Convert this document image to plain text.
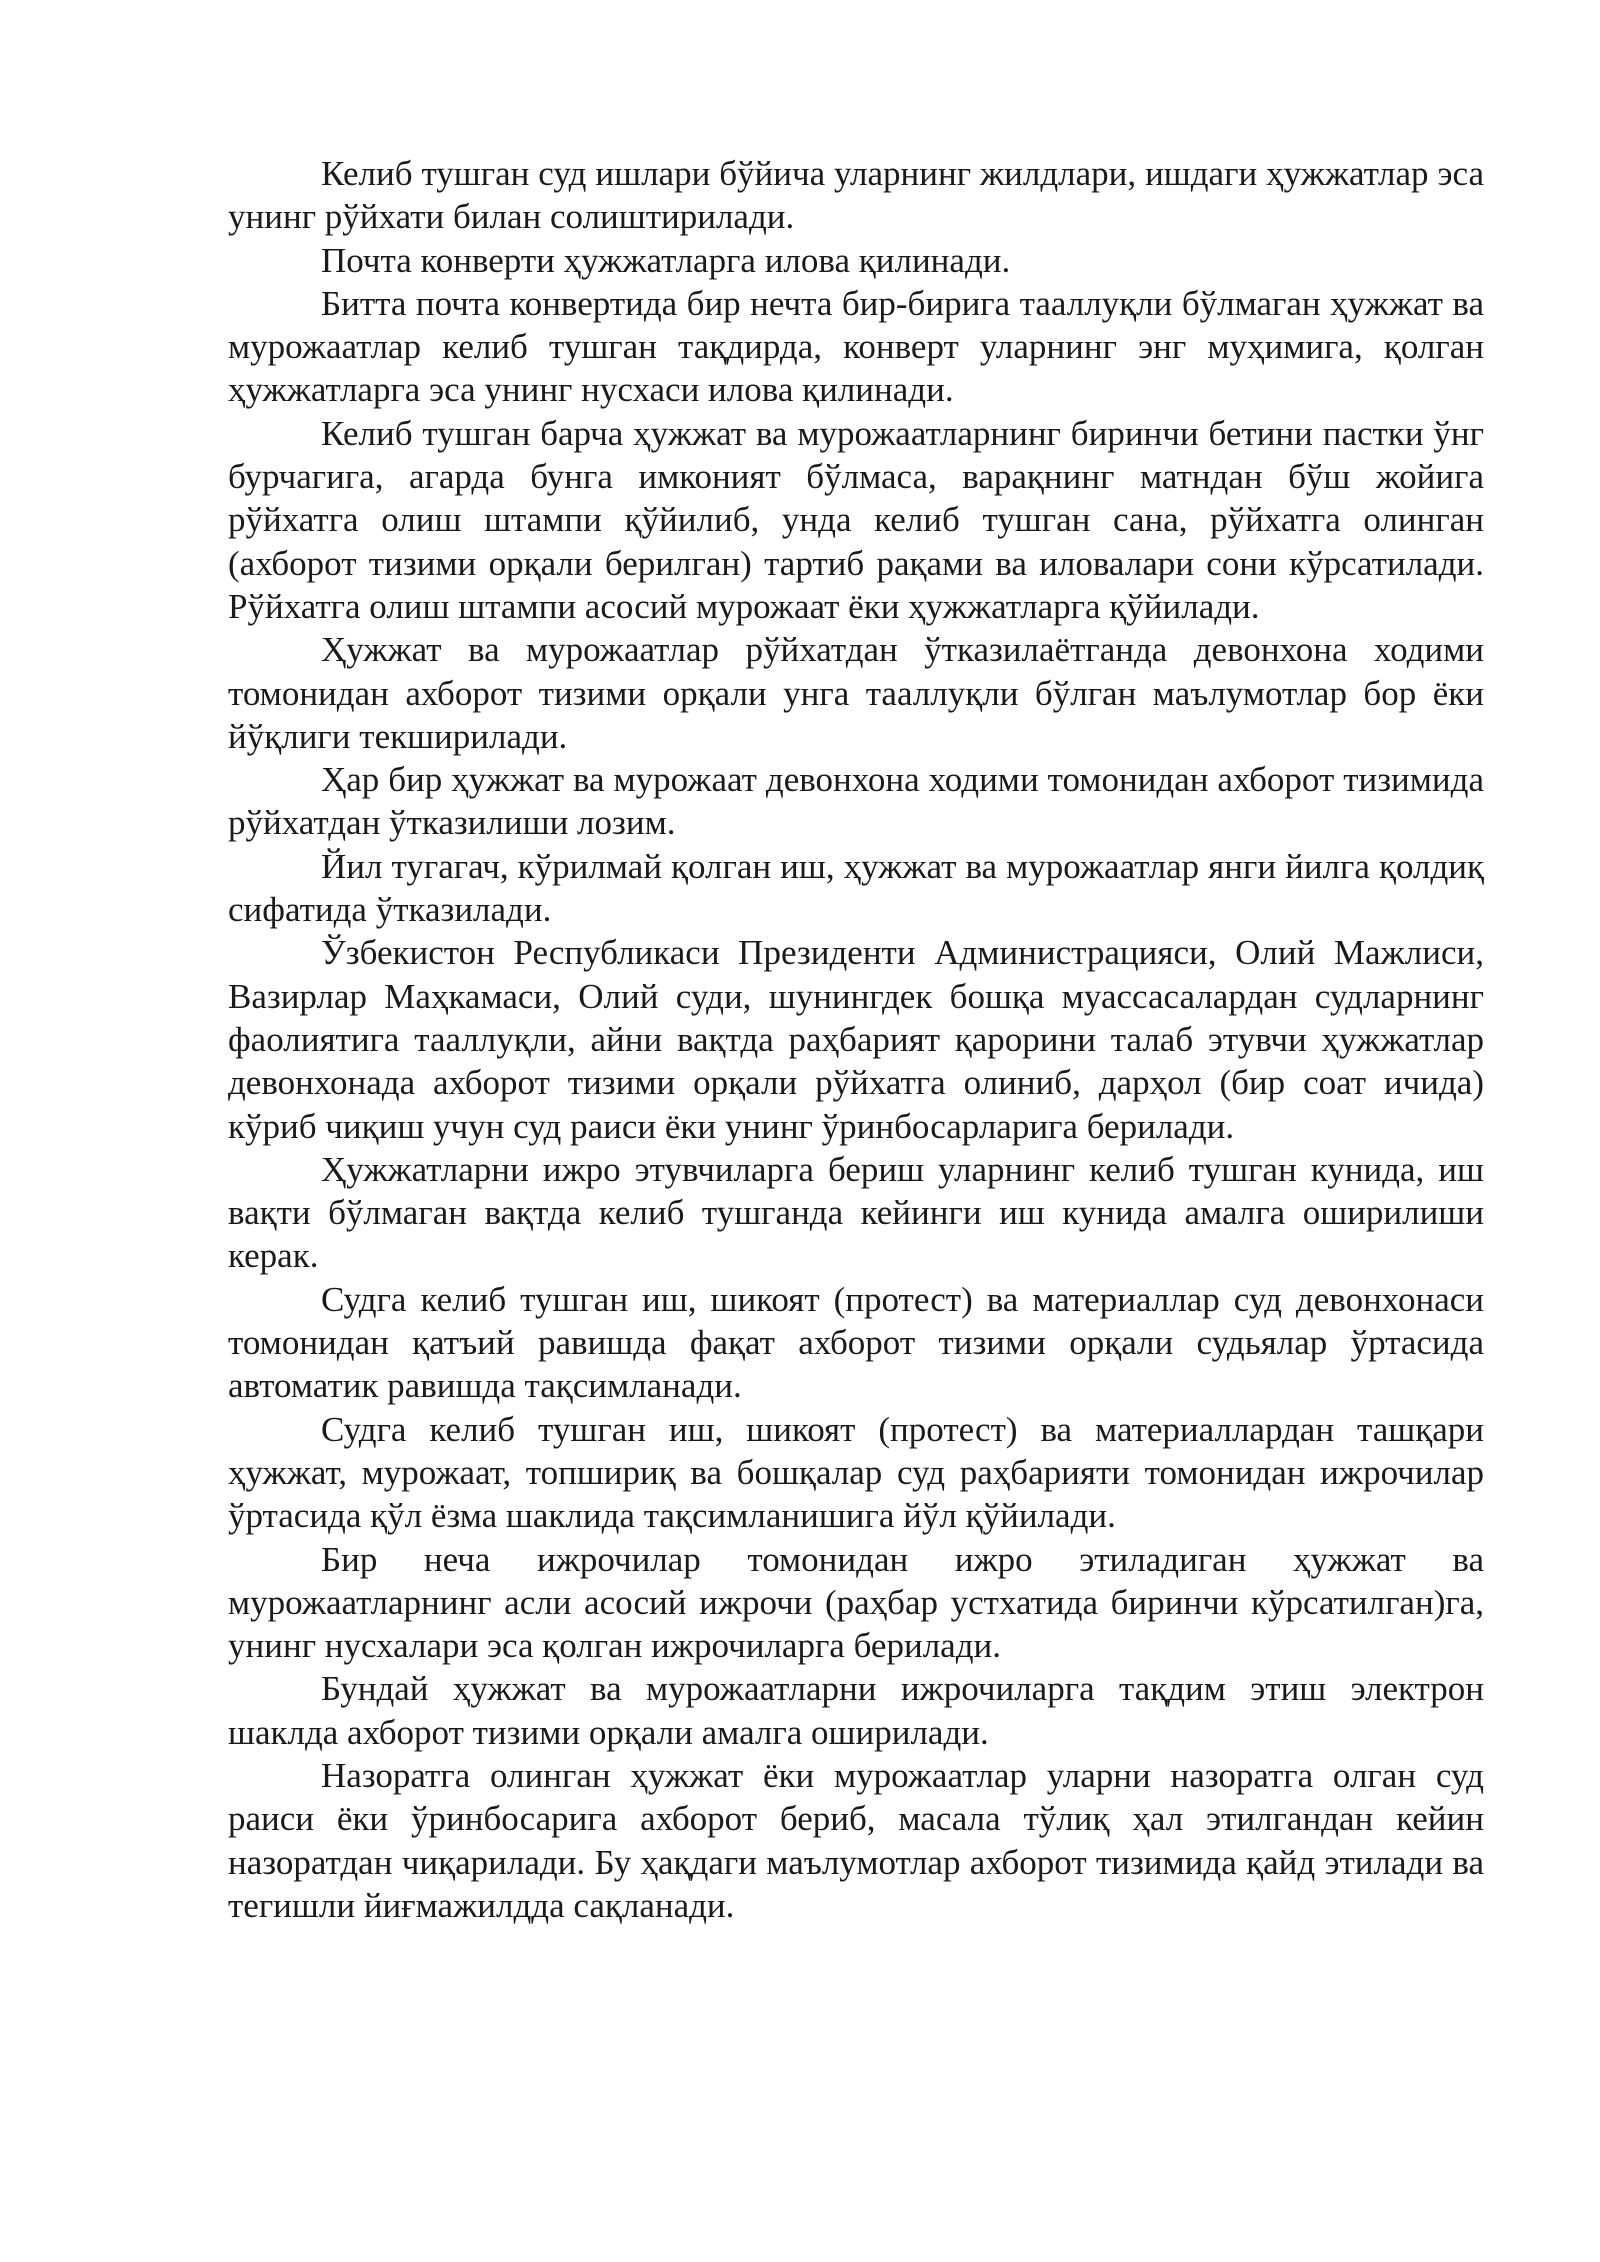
Келиб тушган суд ишлари бўйича уларнинг жилдлари, ишдаги ҳужжатлар эса унинг рўйхати билан солиштирилади.

Почта конверти ҳужжатларга илова қилинади.

Битта почта конвертида бир нечта бир-бирига тааллуқли бўлмаган ҳужжат ва мурожаатлар келиб тушган тақдирда, конверт уларнинг энг муҳимига, қолган ҳужжатларга эса унинг нусхаси илова қилинади.

Келиб тушган барча ҳужжат ва мурожаатларнинг биринчи бетини пастки ўнг бурчагига, агарда бунга имконият бўлмаса, варақнинг матндан бўш жойига рўйхатга олиш штампи қўйилиб, унда келиб тушган сана, рўйхатга олинган (ахборот тизими орқали берилган) тартиб рақами ва иловалари сони кўрсатилади. Рўйхатга олиш штампи асосий мурожаат ёки ҳужжатларга қўйилади.

Ҳужжат ва мурожаатлар рўйхатдан ўтказилаётганда девонхона ходими томонидан ахборот тизими орқали унга тааллуқли бўлган маълумотлар бор ёки йўқлиги текширилади.

Ҳар бир ҳужжат ва мурожаат девонхона ходими томонидан ахборот тизимида рўйхатдан ўтказилиши лозим.

Йил тугагач, кўрилмай қолган иш, ҳужжат ва мурожаатлар янги йилга қолдиқ сифатида ўтказилади.

Ўзбекистон Республикаси Президенти Администрацияси, Олий Мажлиси, Вазирлар Маҳкамаси, Олий суди, шунингдек бошқа муассасалардан судларнинг фаолиятига тааллуқли, айни вақтда раҳбарият қарорини талаб этувчи ҳужжатлар девонхонада ахборот тизими орқали рўйхатга олиниб, дарҳол (бир соат ичида) кўриб чиқиш учун суд раиси ёки унинг ўринбосарларига берилади.

Ҳужжатларни ижро этувчиларга бериш уларнинг келиб тушган кунида, иш вақти бўлмаган вақтда келиб тушганда кейинги иш кунида амалга оширилиши керак.

Судга келиб тушган иш, шикоят (протест) ва материаллар суд девонхонаси томонидан қатъий равишда фақат ахборот тизими орқали судьялар ўртасида автоматик равишда тақсимланади.

Судга келиб тушган иш, шикоят (протест) ва материаллардан ташқари ҳужжат, мурожаат, топшириқ ва бошқалар суд раҳбарияти томонидан ижрочилар ўртасида қўл ёзма шаклида тақсимланишига йўл қўйилади.

Бир неча ижрочилар томонидан ижро этиладиган ҳужжат ва мурожаатларнинг асли асосий ижрочи (раҳбар устхатида биринчи кўрсатилган)га, унинг нусхалари эса қолган ижрочиларга берилади.

Бундай ҳужжат ва мурожаатларни ижрочиларга тақдим этиш электрон шаклда ахборот тизими орқали амалга оширилади.

Назоратга олинган ҳужжат ёки мурожаатлар уларни назоратга олган суд раиси ёки ўринбосарига ахборот бериб, масала тўлиқ ҳал этилгандан кейин назоратдан чиқарилади. Бу ҳақдаги маълумотлар ахборот тизимида қайд этилади ва тегишли йиғмажилдда сақланади.
